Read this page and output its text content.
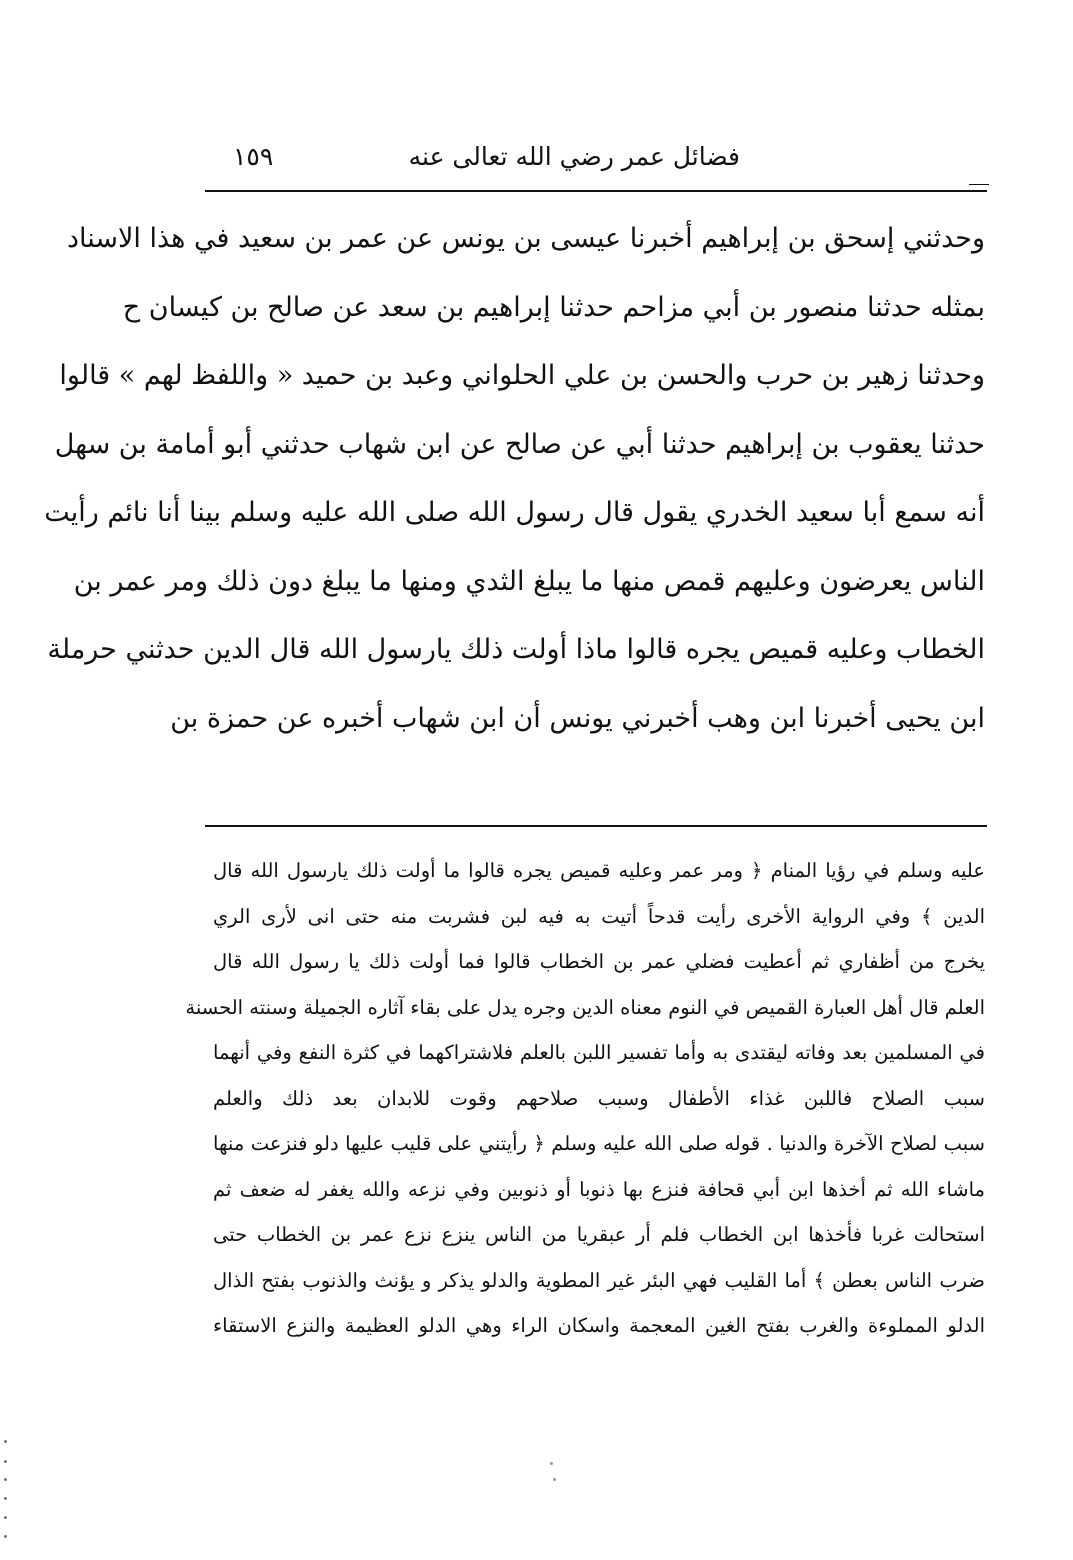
فضائل عمر رضي الله تعالى عنه
١٥٩
وحدثني إسحق بن إبراهيم أخبرنا عيسى بن يونس عن عمر بن سعيد في هذا الاسناد
بمثله حدثنا منصور بن أبي مزاحم حدثنا إبراهيم بن سعد عن صالح بن كيسان ح
وحدثنا زهير بن حرب والحسن بن علي الحلواني وعبد بن حميد « واللفظ لهم » قالوا
حدثنا يعقوب بن إبراهيم حدثنا أبي عن صالح عن ابن شهاب حدثني أبو أمامة بن سهل
أنه سمع أبا سعيد الخدري يقول قال رسول الله صلى الله عليه وسلم بينا أنا نائم رأيت
الناس يعرضون وعليهم قمص منها ما يبلغ الثدي ومنها ما يبلغ دون ذلك ومر عمر بن
الخطاب وعليه قميص يجره قالوا ماذا أولت ذلك يارسول الله قال الدين حدثني حرملة
ابن يحيى أخبرنا ابن وهب أخبرني يونس أن ابن شهاب أخبره عن حمزة بن
عليه وسلم في رؤيا المنام ﴿ ومر عمر وعليه قميص يجره قالوا ما أولت ذلك يارسول الله قال
الدين ﴾ وفي الرواية الأخرى رأيت قدحاً أتيت به فيه لبن فشربت منه حتى انى لأرى الري
يخرج من أظفاري ثم أعطيت فضلي عمر بن الخطاب قالوا فما أولت ذلك يا رسول الله قال
العلم قال أهل العبارة القميص في النوم معناه الدين وجره يدل على بقاء آثاره الجميلة وسنته الحسنة
في المسلمين بعد وفاته ليقتدى به وأما تفسير اللبن بالعلم فلاشتراكهما في كثرة النفع وفي أنهما
سبب الصلاح فاللبن غذاء الأطفال وسبب صلاحهم وقوت للابدان بعد ذلك والعلم
سبب لصلاح الآخرة والدنيا . قوله صلى الله عليه وسلم ﴿ رأيتني على قليب عليها دلو فنزعت منها
ماشاء الله ثم أخذها ابن أبي قحافة فنزع بها ذنوبا أو ذنوبين وفي نزعه والله يغفر له ضعف ثم
استحالت غربا فأخذها ابن الخطاب فلم أر عبقريا من الناس ينزع نزع عمر بن الخطاب حتى
ضرب الناس بعطن ﴾ أما القليب فهي البئر غير المطوية والدلو يذكر و يؤنث والذنوب بفتح الذال
الدلو المملوءة والغرب بفتح الغين المعجمة واسكان الراء وهي الدلو العظيمة والنزع الاستقاء
